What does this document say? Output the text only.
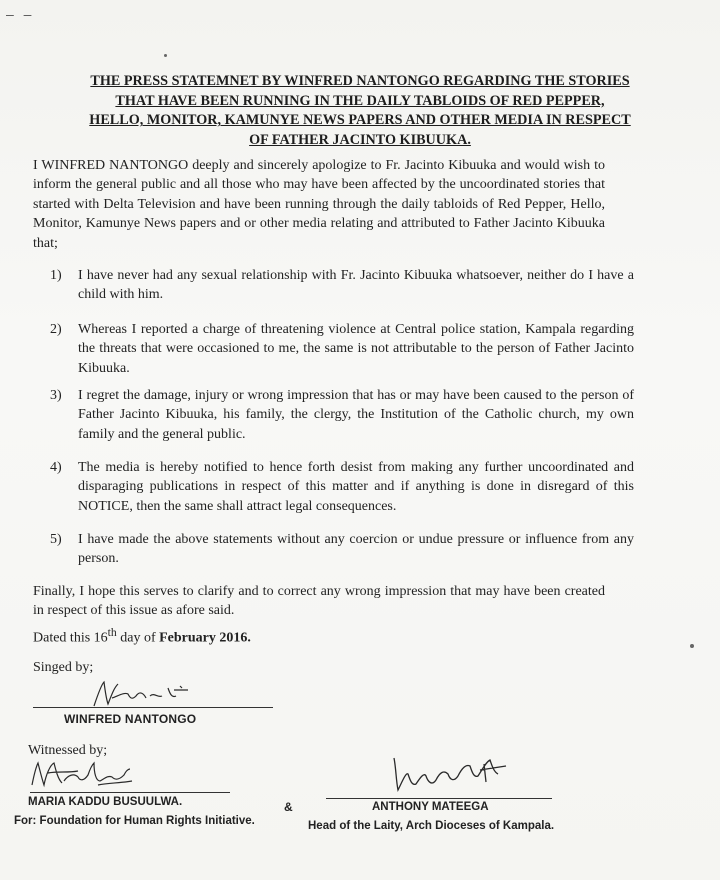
– –
THE PRESS STATEMNET BY WINFRED NANTONGO REGARDING THE STORIES
THAT HAVE BEEN RUNNING IN THE DAILY TABLOIDS OF RED PEPPER,
HELLO, MONITOR, KAMUNYE NEWS PAPERS AND OTHER MEDIA IN RESPECT
OF FATHER JACINTO KIBUUKA.
I WINFRED NANTONGO deeply and sincerely apologize to Fr. Jacinto Kibuuka and would wish to inform the general public and all those who may have been affected by the uncoordinated stories that started with Delta Television and have been running through the daily tabloids of Red Pepper, Hello, Monitor, Kamunye News papers and or other media relating and attributed to Father Jacinto Kibuuka that;
1) I have never had any sexual relationship with Fr. Jacinto Kibuuka whatsoever, neither do I have a child with him.
2) Whereas I reported a charge of threatening violence at Central police station, Kampala regarding the threats that were occasioned to me, the same is not attributable to the person of Father Jacinto Kibuuka.
3) I regret the damage, injury or wrong impression that has or may have been caused to the person of Father Jacinto Kibuuka, his family, the clergy, the Institution of the Catholic church, my own family and the general public.
4) The media is hereby notified to hence forth desist from making any further uncoordinated and disparaging publications in respect of this matter and if anything is done in disregard of this NOTICE, then the same shall attract legal consequences.
5) I have made the above statements without any coercion or undue pressure or influence from any person.
Finally, I hope this serves to clarify and to correct any wrong impression that may have been created in respect of this issue as afore said.
Dated this 16th day of February 2016.
Singed by;
WINFRED NANTONGO
Witnessed by;
MARIA KADDU BUSUULWA.	&	ANTHONY MATEEGA
For: Foundation for Human Rights Initiative.	Head of the Laity, Arch Dioceses of Kampala.
